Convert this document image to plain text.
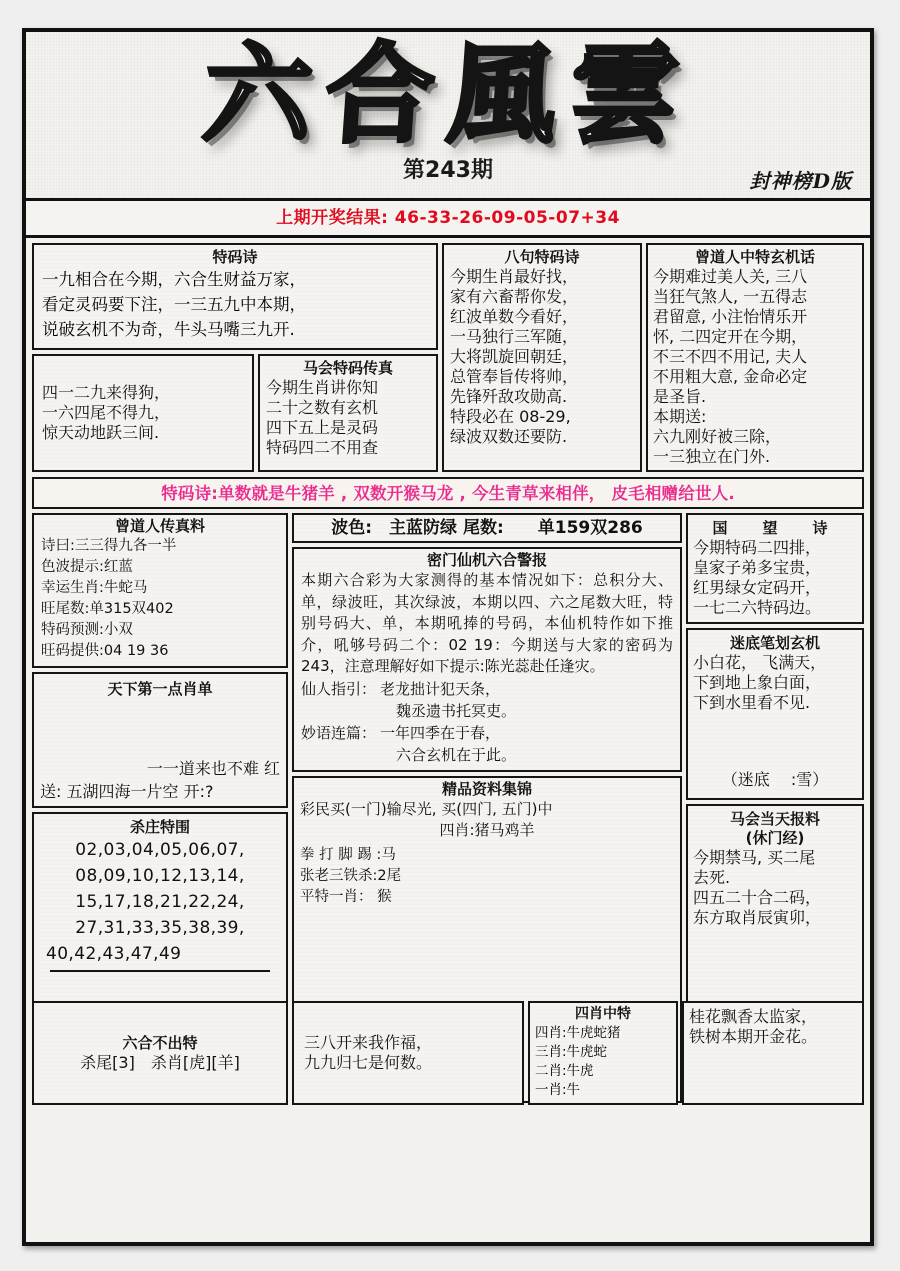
六合風雲
第243期	封神榜D版
上期开奖结果: 46-33-26-09-05-07+34
特码诗
一九相合在今期，六合生财益万家，
看定灵码要下注，一三五九中本期，
说破玄机不为奇，牛头马嘴三九开.
四一二九来得狗，
一六四尾不得九，
惊天动地跃三间.
马会特码传真
今期生肖讲你知
二十之数有玄机
四下五上是灵码
特码四二不用查
八句特码诗
今期生肖最好找，
家有六畜帮你发，
红波单数今看好，
一马独行三军随，
大将凯旋回朝廷，
总管奉旨传将帅，
先锋歼敌攻勋高.
特段必在 08-29,
绿波双数还要防.
曾道人中特玄机话
今期难过美人关, 三八
当狂气煞人, 一五得志
君留意, 小注怡情乐开
怀, 二四定开在今期，
不三不四不用记, 夫人
不用粗大意, 金命必定
是圣旨.
本期送:
六九刚好被三除，
一三独立在门外.
特码诗:单数就是牛猪羊 , 双数开猴马龙 , 今生青草来相伴， 皮毛相赠给世人.
曾道人传真料
诗曰:三三得九各一半
色波提示:红蓝
幸运生肖:牛蛇马
旺尾数:单315双402
特码预测:小双
旺码提供:04 19 36
天下第一点肖单
一一道来也不难 红
送: 五湖四海一片空 开:?
杀庄特围
02,03,04,05,06,07,
08,09,10,12,13,14,
15,17,18,21,22,24,
27,31,33,35,38,39,
40,42,43,47,49
波色:　主蓝防绿 尾数:　　单159双286
密门仙机六合警报
本期六合彩为大家测得的基本情况如下：总积分大、单，绿波旺，其次绿波，本期以四、六之尾数大旺，特别号码大、单，本期吼捧的号码，本仙机特作如下推介，吼够号码二个：02 19：今期送与大家的密码为243，注意理解好如下提示:陈光蕊赴任逢灾。
仙人指引： 老龙拙计犯天条，
魏丞遗书托冥吏。
妙语连篇： 一年四季在于春，
六合玄机在于此。
精品资料集锦
彩民买(一门)输尽光, 买(四门, 五门)中
四肖:猪马鸡羊
拳 打 脚 踢 :马
张老三铁杀:2尾
平特一肖： 猴
国　望　诗
今期特码二四排，
皇家子弟多宝贵，
红男绿女定码开，
一七二六特码边。
迷底笔划玄机
小白花， 飞满天，
下到地上象白面，
下到水里看不见.
（迷底　 :雪）
马会当天报料
(休门经)
今期禁马, 买二尾
去死.
四五二十合二码，
东方取肖辰寅卯，
六合不出特
杀尾[3]　杀肖[虎][羊]
三八开来我作福，
九九归七是何数。
四肖中特
四肖:牛虎蛇猪
三肖:牛虎蛇
二肖:牛虎
一肖:牛
桂花飘香太监家，
铁树本期开金花。
